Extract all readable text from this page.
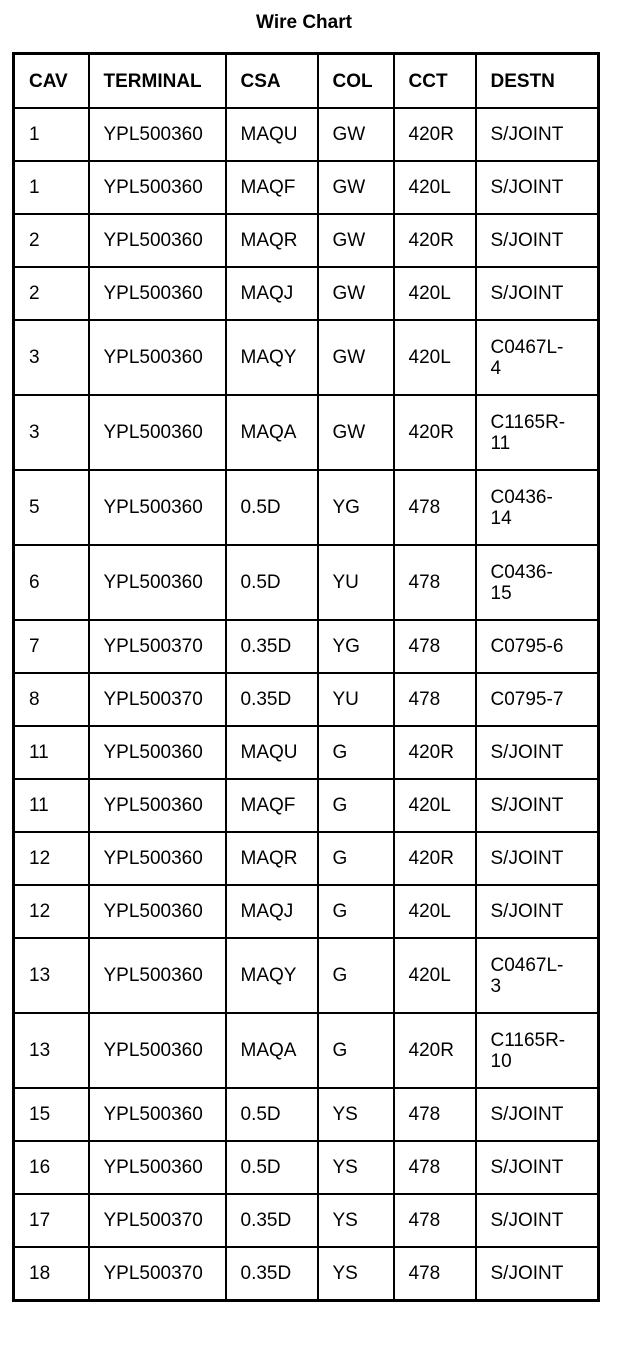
Wire Chart
CAV	TERMINAL	CSA	COL	CCT	DESTN
1	YPL500360	MAQU	GW	420R	S/JOINT
1	YPL500360	MAQF	GW	420L	S/JOINT
2	YPL500360	MAQR	GW	420R	S/JOINT
2	YPL500360	MAQJ	GW	420L	S/JOINT
3	YPL500360	MAQY	GW	420L	C0467L-
4
3	YPL500360	MAQA	GW	420R	C1165R-
11
5	YPL500360	0.5D	YG	478	C0436-
14
6	YPL500360	0.5D	YU	478	C0436-
15
7	YPL500370	0.35D	YG	478	C0795-6
8	YPL500370	0.35D	YU	478	C0795-7
11	YPL500360	MAQU	G	420R	S/JOINT
11	YPL500360	MAQF	G	420L	S/JOINT
12	YPL500360	MAQR	G	420R	S/JOINT
12	YPL500360	MAQJ	G	420L	S/JOINT
13	YPL500360	MAQY	G	420L	C0467L-
3
13	YPL500360	MAQA	G	420R	C1165R-
10
15	YPL500360	0.5D	YS	478	S/JOINT
16	YPL500360	0.5D	YS	478	S/JOINT
17	YPL500370	0.35D	YS	478	S/JOINT
18	YPL500370	0.35D	YS	478	S/JOINT
